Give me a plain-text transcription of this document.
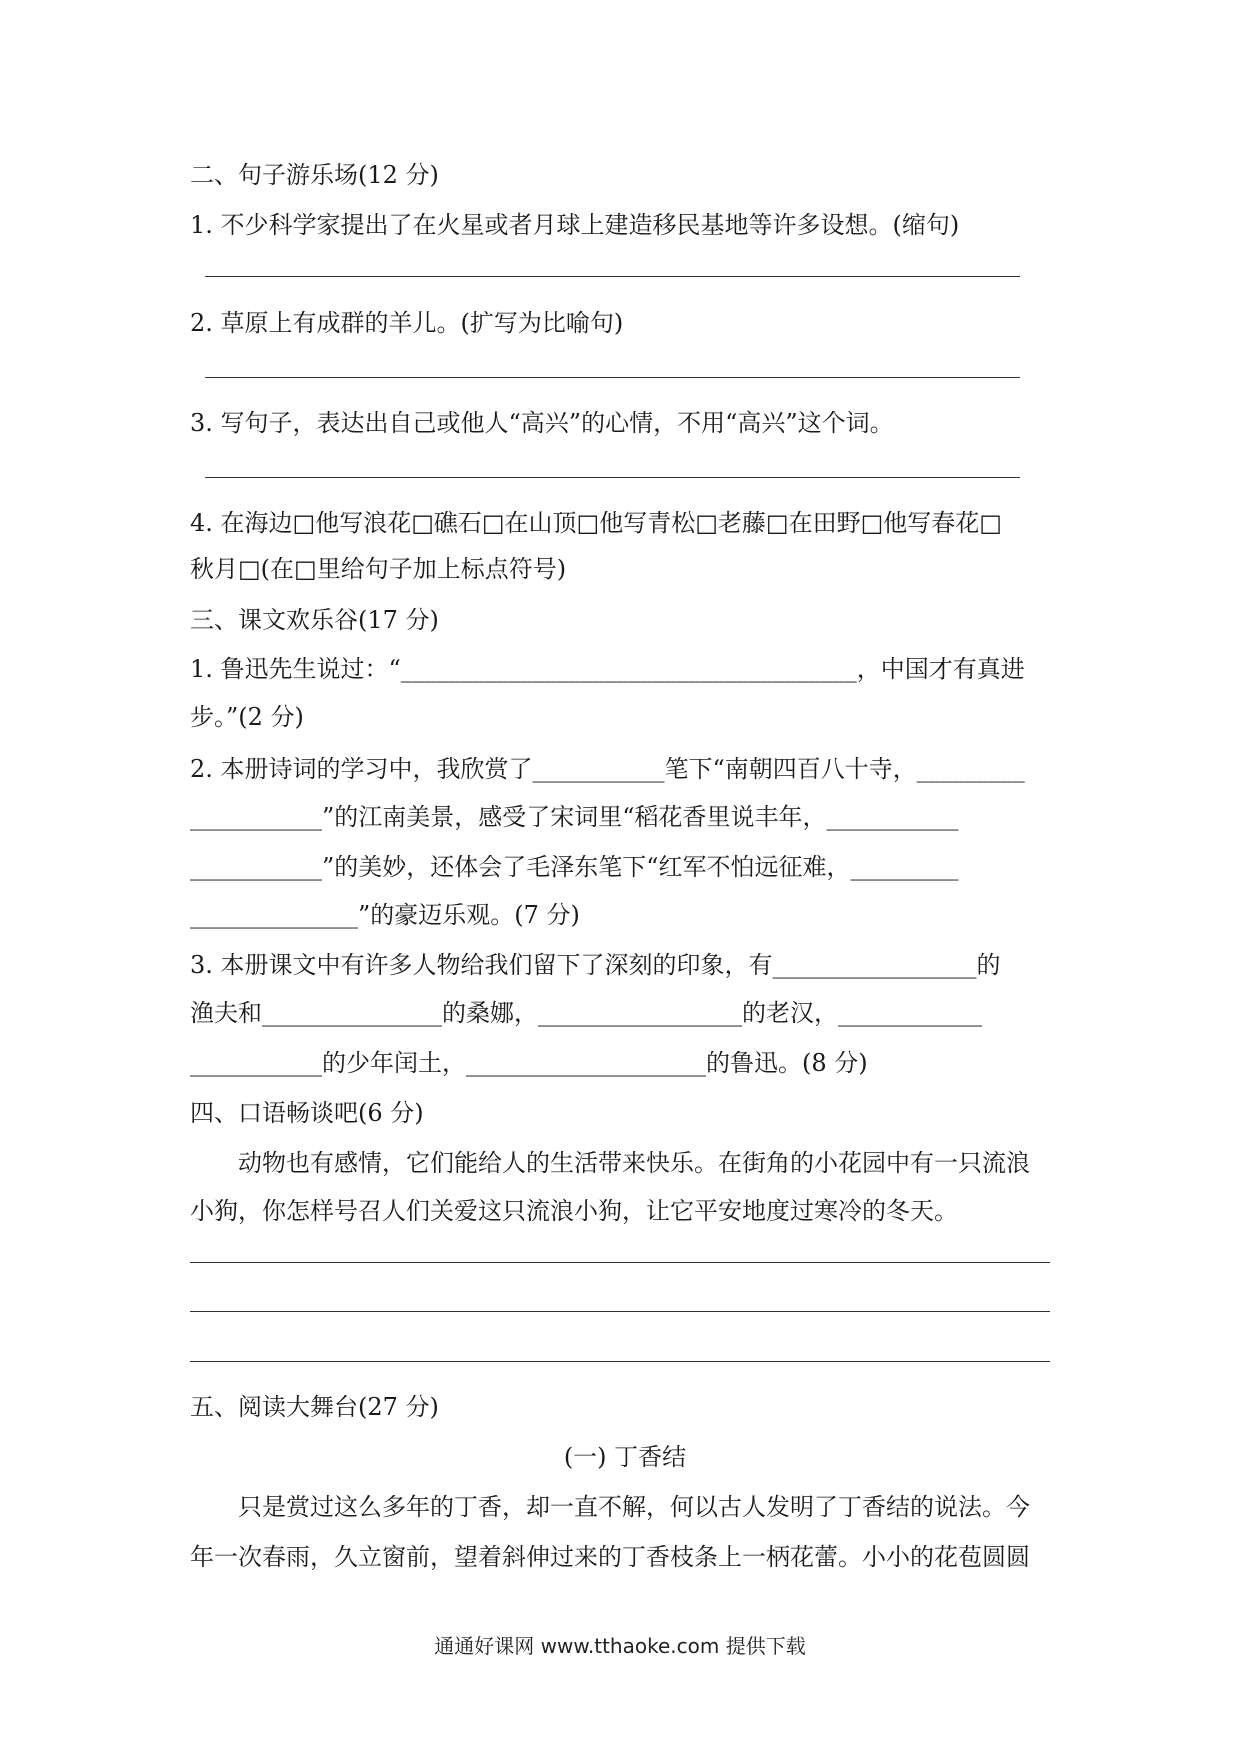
二、句子游乐场(12 分)
1. 不少科学家提出了在火星或者月球上建造移民基地等许多设想。(缩句)
2. 草原上有成群的羊儿。(扩写为比喻句)
3. 写句子，表达出自己或他人“高兴”的心情，不用“高兴”这个词。
4. 在海边□他写浪花□礁石□在山顶□他写青松□老藤□在田野□他写春花□
秋月□(在□里给句子加上标点符号)
三、课文欢乐谷(17 分)
1. 鲁迅先生说过：“______________________________________，中国才有真进
步。”(2 分)
2. 本册诗词的学习中，我欣赏了___________笔下“南朝四百八十寺，_________
___________”的江南美景，感受了宋词里“稻花香里说丰年，___________
___________”的美妙，还体会了毛泽东笔下“红军不怕远征难，_________
______________”的豪迈乐观。(7 分)
3. 本册课文中有许多人物给我们留下了深刻的印象，有_________________的
渔夫和_______________的桑娜，_________________的老汉，____________
___________的少年闰土，____________________的鲁迅。(8 分)
四、口语畅谈吧(6 分)
动物也有感情，它们能给人的生活带来快乐。在街角的小花园中有一只流浪
小狗，你怎样号召人们关爱这只流浪小狗，让它平安地度过寒冷的冬天。
五、阅读大舞台(27 分)
(一) 丁香结
只是赏过这么多年的丁香，却一直不解，何以古人发明了丁香结的说法。今
年一次春雨，久立窗前，望着斜伸过来的丁香枝条上一柄花蕾。小小的花苞圆圆
通通好课网 www.tthaoke.com 提供下载
